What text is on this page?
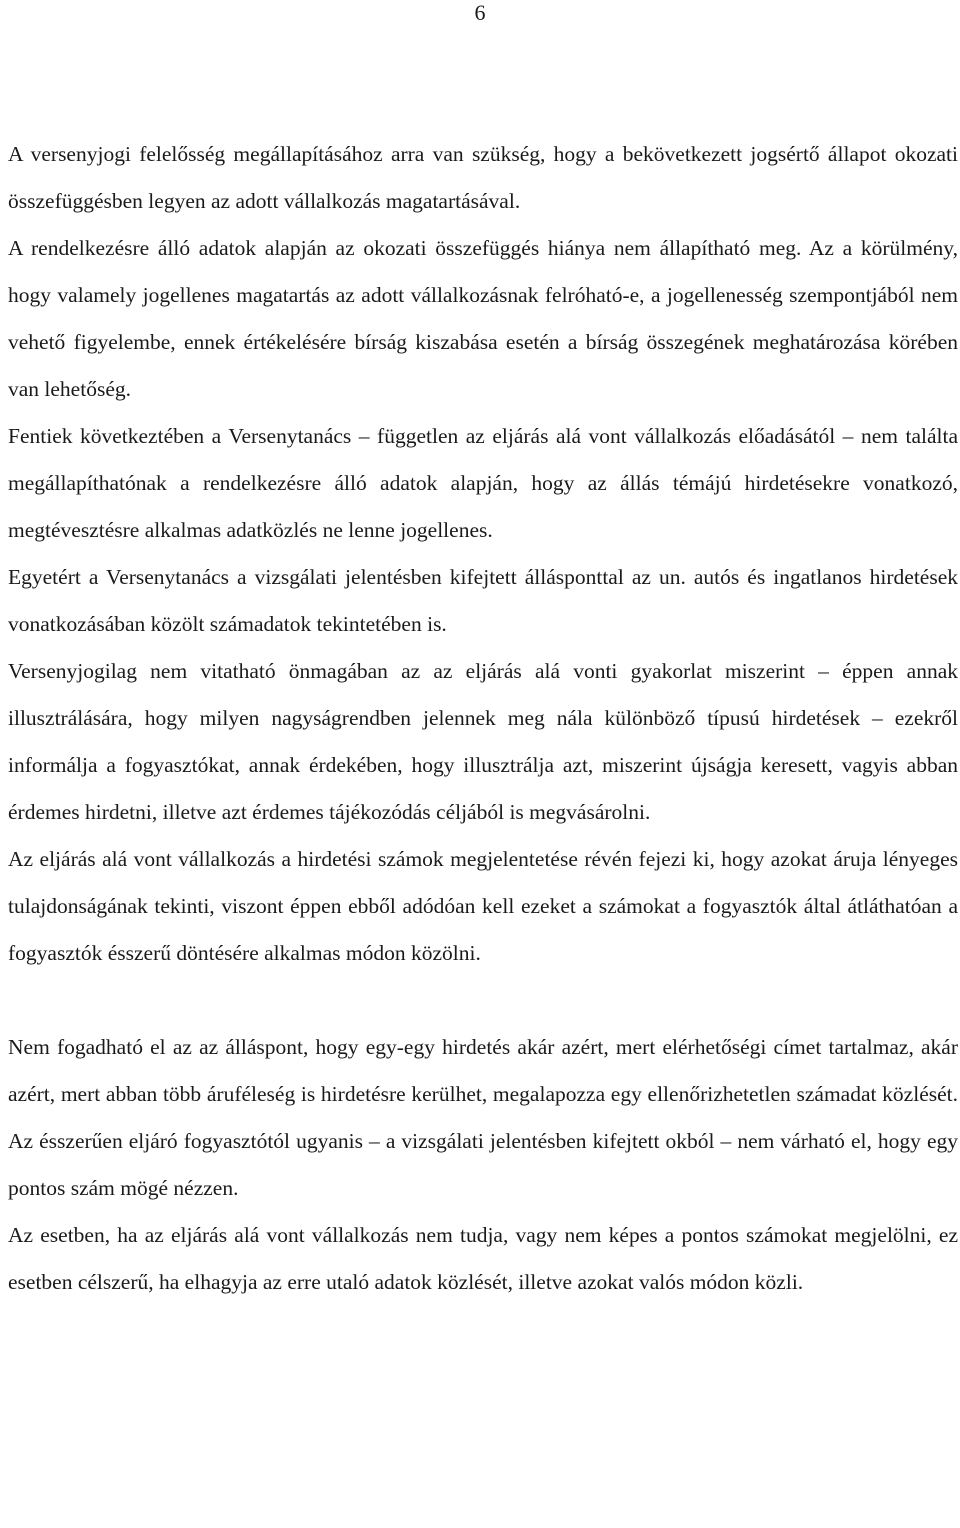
6

A versenyjogi felelősség megállapításához arra van szükség, hogy a bekövetkezett jogsértő állapot okozati összefüggésben legyen az adott vállalkozás magatartásával.

A rendelkezésre álló adatok alapján az okozati összefüggés hiánya nem állapítható meg. Az a körülmény, hogy valamely jogellenes magatartás az adott vállalkozásnak felróható-e, a jogellenesség szempontjából nem vehető figyelembe, ennek értékelésére bírság kiszabása esetén a bírság összegének meghatározása körében van lehetőség.

Fentiek következtében a Versenytanács – független az eljárás alá vont vállalkozás előadásától – nem találta megállapíthatónak a rendelkezésre álló adatok alapján, hogy az állás témájú hirdetésekre vonatkozó, megtévesztésre alkalmas adatközlés ne lenne jogellenes.

Egyetért a Versenytanács a vizsgálati jelentésben kifejtett állásponttal az un. autós és ingatlanos hirdetések vonatkozásában közölt számadatok tekintetében is.

Versenyjogilag nem vitatható önmagában az az eljárás alá vonti gyakorlat miszerint – éppen annak illusztrálására, hogy milyen nagyságrendben jelennek meg nála különböző típusú hirdetések – ezekről informálja a fogyasztókat, annak érdekében, hogy illusztrálja azt, miszerint újságja keresett, vagyis abban érdemes hirdetni, illetve azt érdemes tájékozódás céljából is megvásárolni.

Az eljárás alá vont vállalkozás a hirdetési számok megjelentetése révén fejezi ki, hogy azokat áruja lényeges tulajdonságának tekinti, viszont éppen ebből adódóan kell ezeket a számokat a fogyasztók által átláthatóan a fogyasztók ésszerű döntésére alkalmas módon közölni.

Nem fogadható el az az álláspont, hogy egy-egy hirdetés akár azért, mert elérhetőségi címet tartalmaz, akár azért, mert abban több áruféleség is hirdetésre kerülhet, megalapozza egy ellenőrizhetetlen számadat közlését. Az ésszerűen eljáró fogyasztótól ugyanis – a vizsgálati jelentésben kifejtett okból – nem várható el, hogy egy pontos szám mögé nézzen.

Az esetben, ha az eljárás alá vont vállalkozás nem tudja, vagy nem képes a pontos számokat megjelölni, ez esetben célszerű, ha elhagyja az erre utaló adatok közlését, illetve azokat valós módon közli.
